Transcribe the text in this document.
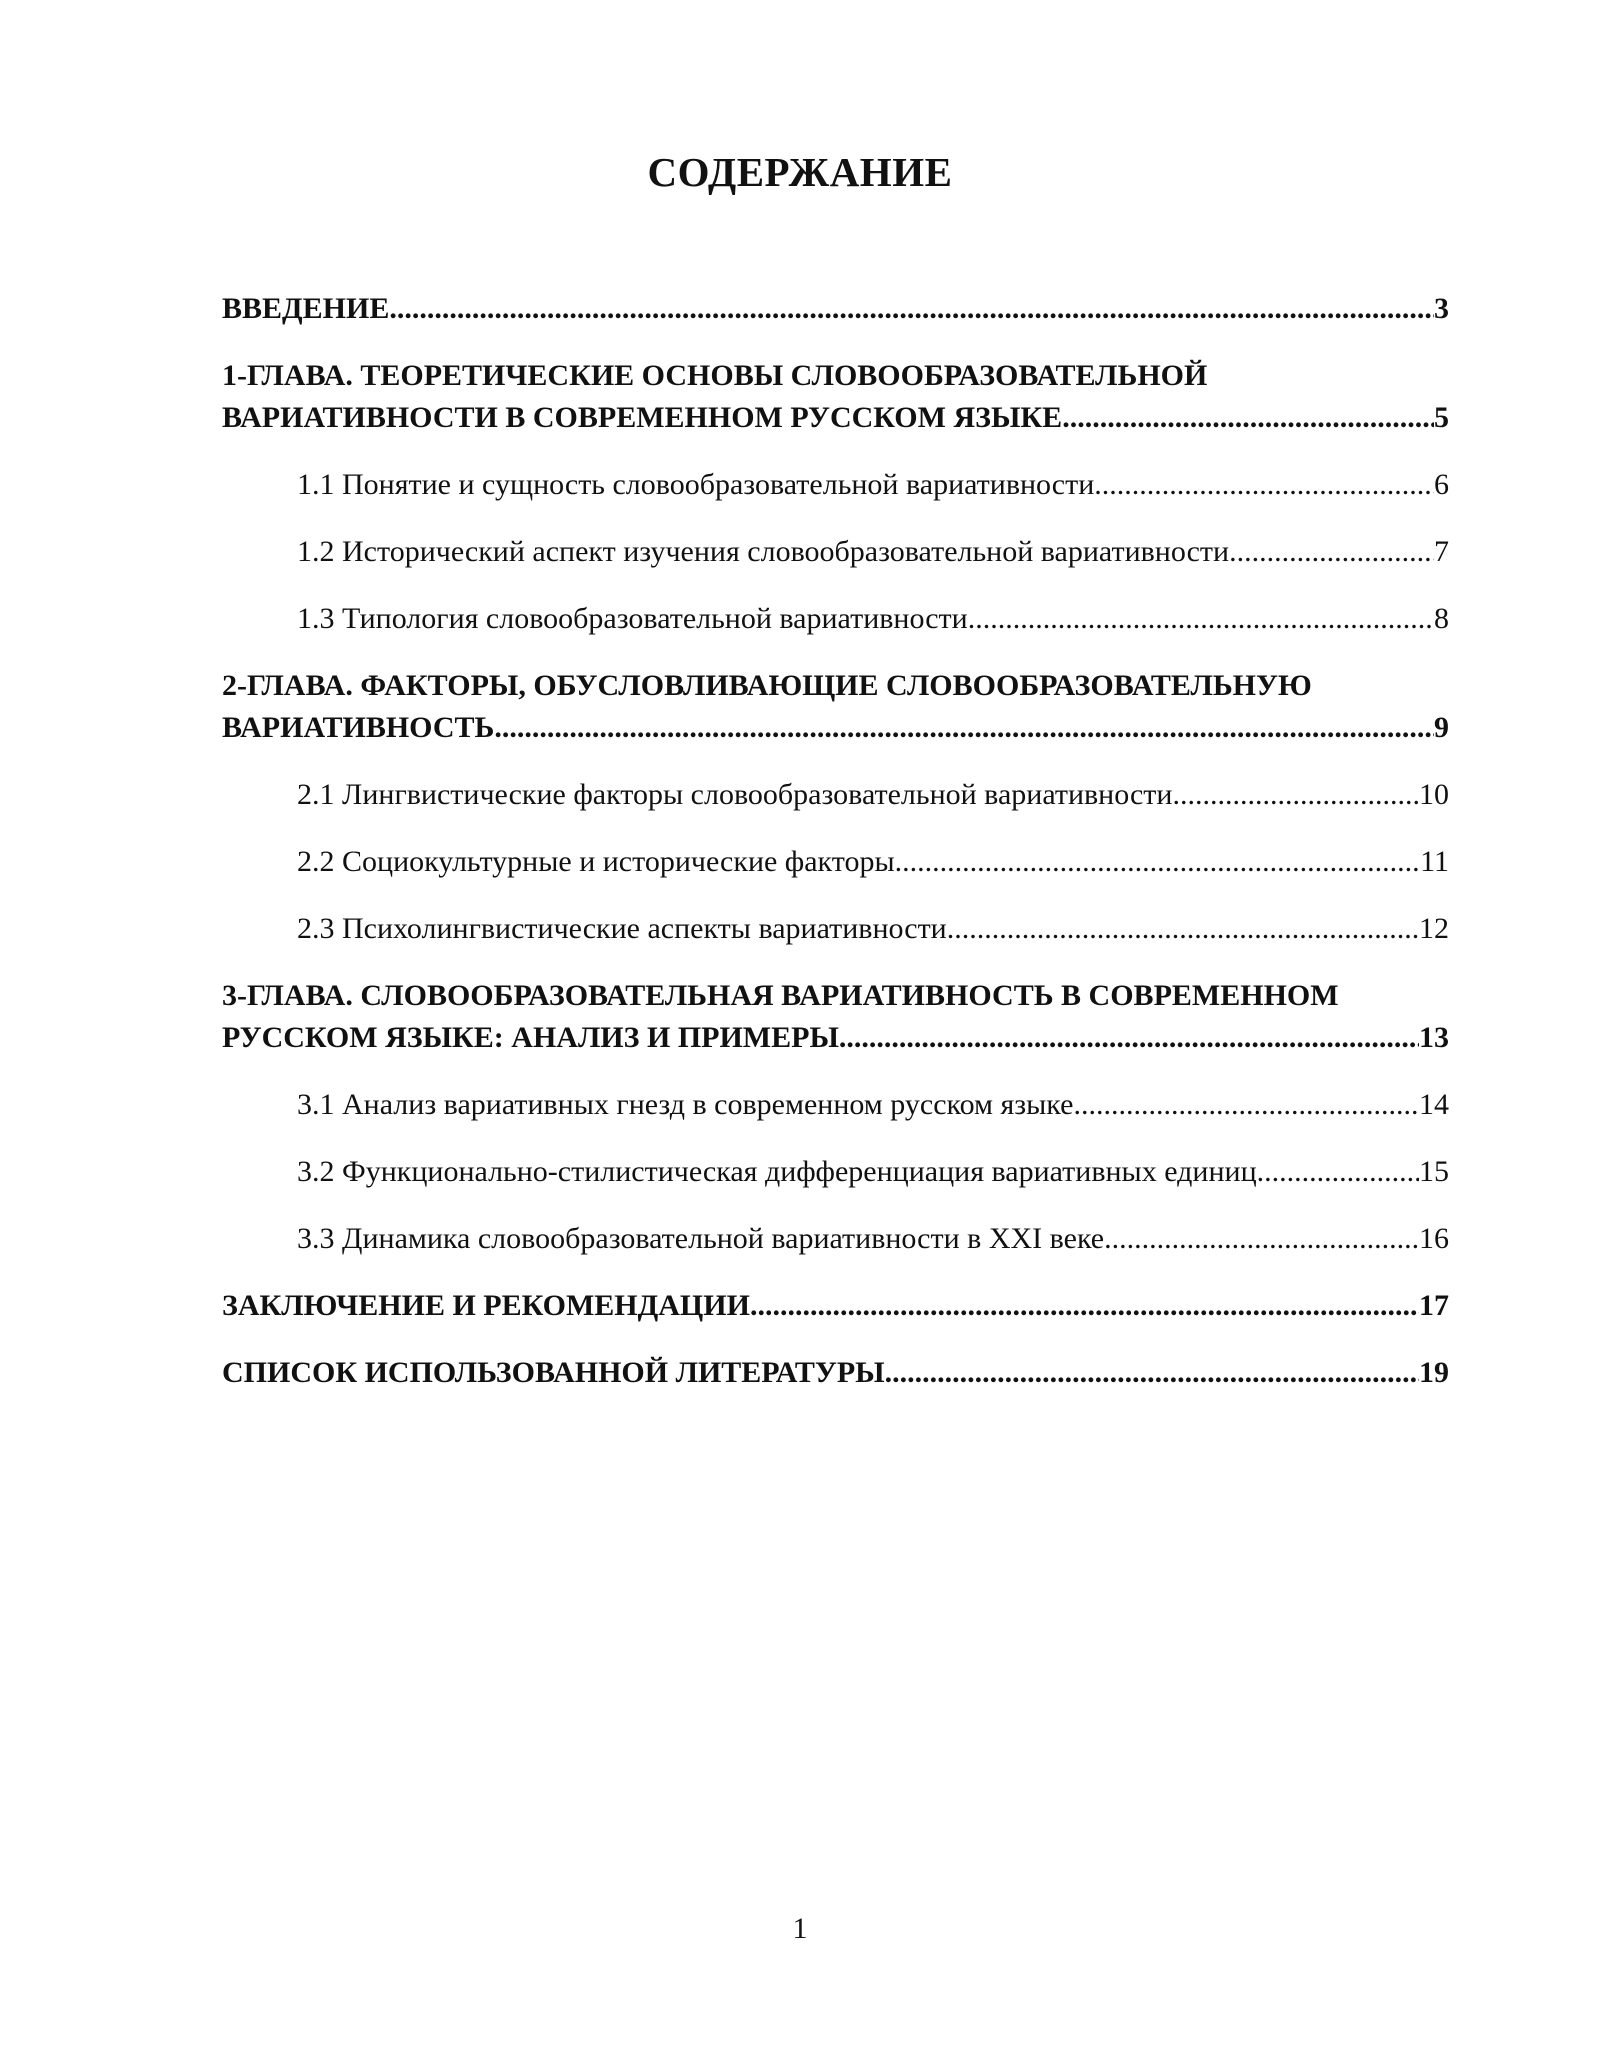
СОДЕРЖАНИЕ
ВВЕДЕНИЕ .....	3
1-ГЛАВА. ТЕОРЕТИЧЕСКИЕ ОСНОВЫ СЛОВООБРАЗОВАТЕЛЬНОЙ
ВАРИАТИВНОСТИ В СОВРЕМЕННОМ РУССКОМ ЯЗЫКЕ .....	5
1.1 Понятие и сущность словообразовательной вариативности .....	6
1.2 Исторический аспект изучения словообразовательной вариативности .....	7
1.3 Типология словообразовательной вариативности .....	8
2-ГЛАВА. ФАКТОРЫ, ОБУСЛОВЛИВАЮЩИЕ СЛОВООБРАЗОВАТЕЛЬНУЮ
ВАРИАТИВНОСТЬ .....	9
2.1 Лингвистические факторы словообразовательной вариативности .....	10
2.2 Социокультурные и исторические факторы .....	11
2.3 Психолингвистические аспекты вариативности .....	12
3-ГЛАВА. СЛОВООБРАЗОВАТЕЛЬНАЯ ВАРИАТИВНОСТЬ В СОВРЕМЕННОМ
РУССКОМ ЯЗЫКЕ: АНАЛИЗ И ПРИМЕРЫ .....	13
3.1 Анализ вариативных гнезд в современном русском языке .....	14
3.2 Функционально-стилистическая дифференциация вариативных единиц .....	15
3.3 Динамика словообразовательной вариативности в XXI веке .....	16
ЗАКЛЮЧЕНИЕ И РЕКОМЕНДАЦИИ .....	17
СПИСОК ИСПОЛЬЗОВАННОЙ ЛИТЕРАТУРЫ .....	19
1
